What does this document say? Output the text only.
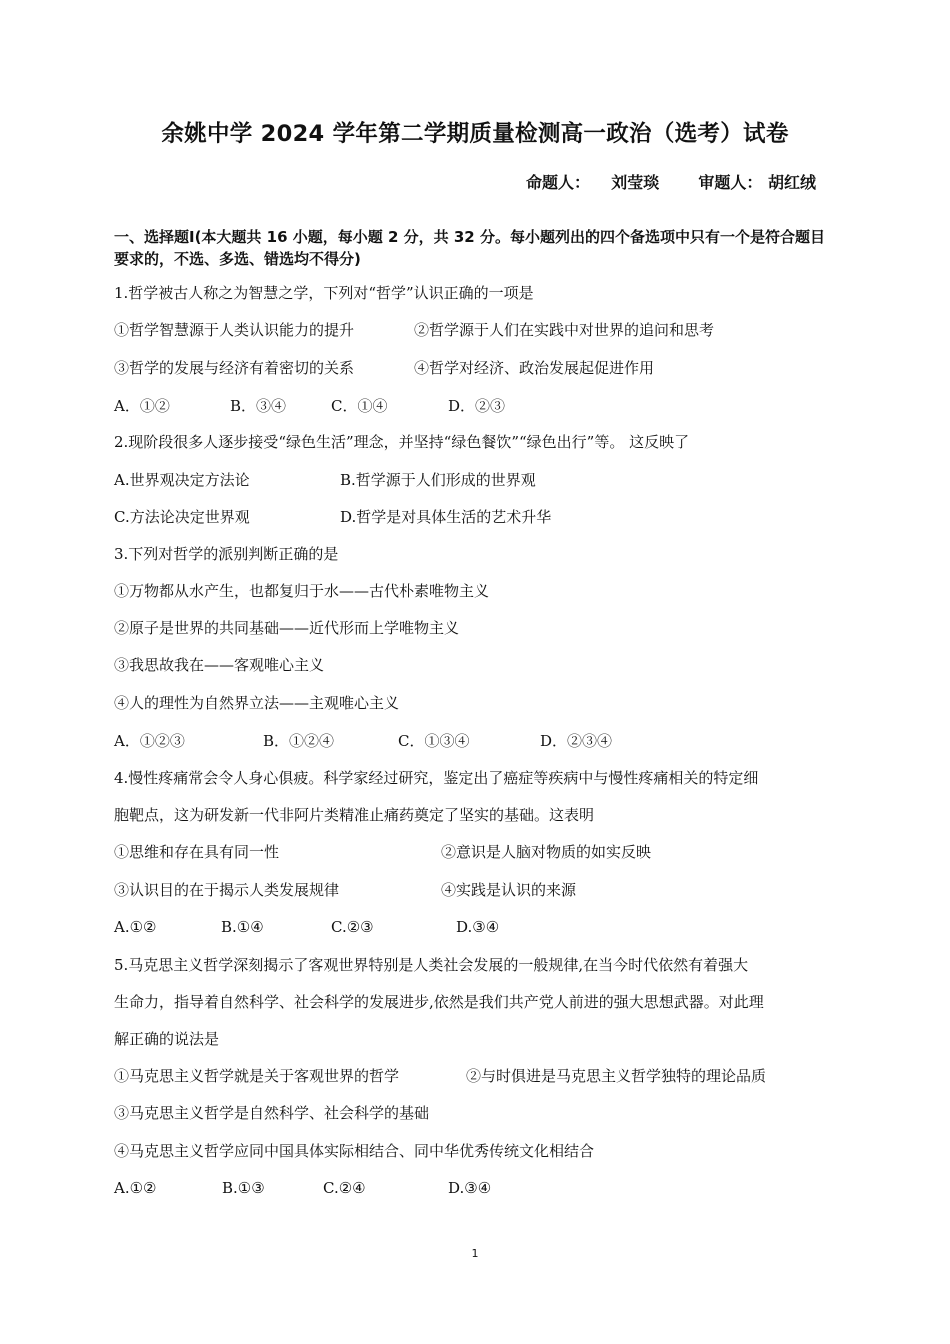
余姚中学 2024 学年第二学期质量检测高一政治（选考）试卷
命题人： 刘莹琰 审题人： 胡红绒
一、选择题Ⅰ(本大题共 16 小题，每小题 2 分，共 32 分。每小题列出的四个备选项中只有一个是符合题目要求的，不选、多选、错选均不得分)
1.哲学被古人称之为智慧之学，下列对“哲学”认识正确的一项是
①哲学智慧源于人类认识能力的提升	②哲学源于人们在实践中对世界的追问和思考
③哲学的发展与经济有着密切的关系	④哲学对经济、政治发展起促进作用
A．①②	B．③④	C．①④	D．②③
2.现阶段很多人逐步接受“绿色生活”理念，并坚持“绿色餐饮”“绿色出行”等。 这反映了
A.世界观决定方法论	B.哲学源于人们形成的世界观
C.方法论决定世界观	D.哲学是对具体生活的艺术升华
3.下列对哲学的派别判断正确的是
①万物都从水产生，也都复归于水——古代朴素唯物主义
②原子是世界的共同基础——近代形而上学唯物主义
③我思故我在——客观唯心主义
④人的理性为自然界立法——主观唯心主义
A．①②③	B．①②④	C．①③④	D．②③④
4.慢性疼痛常会令人身心俱疲。科学家经过研究，鉴定出了癌症等疾病中与慢性疼痛相关的特定细
胞靶点，这为研发新一代非阿片类精准止痛药奠定了坚实的基础。这表明
①思维和存在具有同一性	②意识是人脑对物质的如实反映
③认识目的在于揭示人类发展规律	④实践是认识的来源
A.①②	B.①④	C.②③	D.③④
5.马克思主义哲学深刻揭示了客观世界特别是人类社会发展的一般规律,在当今时代依然有着强大
生命力，指导着自然科学、社会科学的发展进步,依然是我们共产党人前进的强大思想武器。对此理
解正确的说法是
①马克思主义哲学就是关于客观世界的哲学	②与时俱进是马克思主义哲学独特的理论品质
③马克思主义哲学是自然科学、社会科学的基础
④马克思主义哲学应同中国具体实际相结合、同中华优秀传统文化相结合
A.①②	B.①③	C.②④	D.③④
1
